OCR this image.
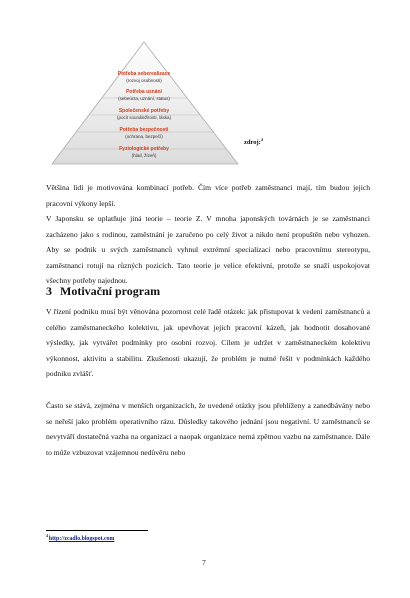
Potřeba seberealizace
(rozvoj osobnosti)
Potřeba uznání
(sebeúcta, uznání, status)
Společenské potřeby
(pocit sounáležitosti, láska)
Potřeba bezpečnosti
(ochrana, bezpečí)
Fyziologické potřeby
(hlad, žízeň)
zdroj:$^4$

Většina lidí je motivována kombinací potřeb. Čím více potřeb zaměstnanci mají, tím budou jejich pracovní výkony lepší.

V Japonsku se uplatňuje jiná teorie – teorie Z. V mnoha japonských továrnách je se zaměstnanci zacházeno jako s rodinou, zaměstnání je zaručeno po celý život a nikdo není propuštěn nebo vyhozen. Aby se podnik u svých zaměstnanců vyhnul extrémní specializaci nebo pracovnímu stereotypu, zaměstnanci rotují na různých pozicích. Tato teorie je velice efektivní, protože se snaží uspokojovat všechny potřeby najednou.

3 Motivační program

V řízení podniku musí být věnována pozornost celé řadě otázek: jak přistupovat k vedení zaměstnanců a celého zaměstnaneckého kolektivu, jak upevňovat jejich pracovní kázeň, jak hodnotit dosahované výsledky, jak vytvářet podmínky pro osobní rozvoj. Cílem je udržet v zaměstnaneckém kolektivu výkonnost, aktivitu a stabilitu. Zkušenosti ukazují, že problém je nutné řešit v podmínkách každého podniku zvlášť.

Často se stává, zejména v menších organizacích, že uvedené otázky jsou přehlíženy a zanedbávány nebo se neřeší jako problém operativního rázu. Důsledky takového jednání jsou negativní. U zaměstnanců se nevytváří dostatečná vazba na organizaci a naopak organizace nemá zpětnou vazbu na zaměstnance. Dále to může vzbuzovat vzájemnou nedůvěru nebo

$^4$http://zcadlo.blogspot.com
7
